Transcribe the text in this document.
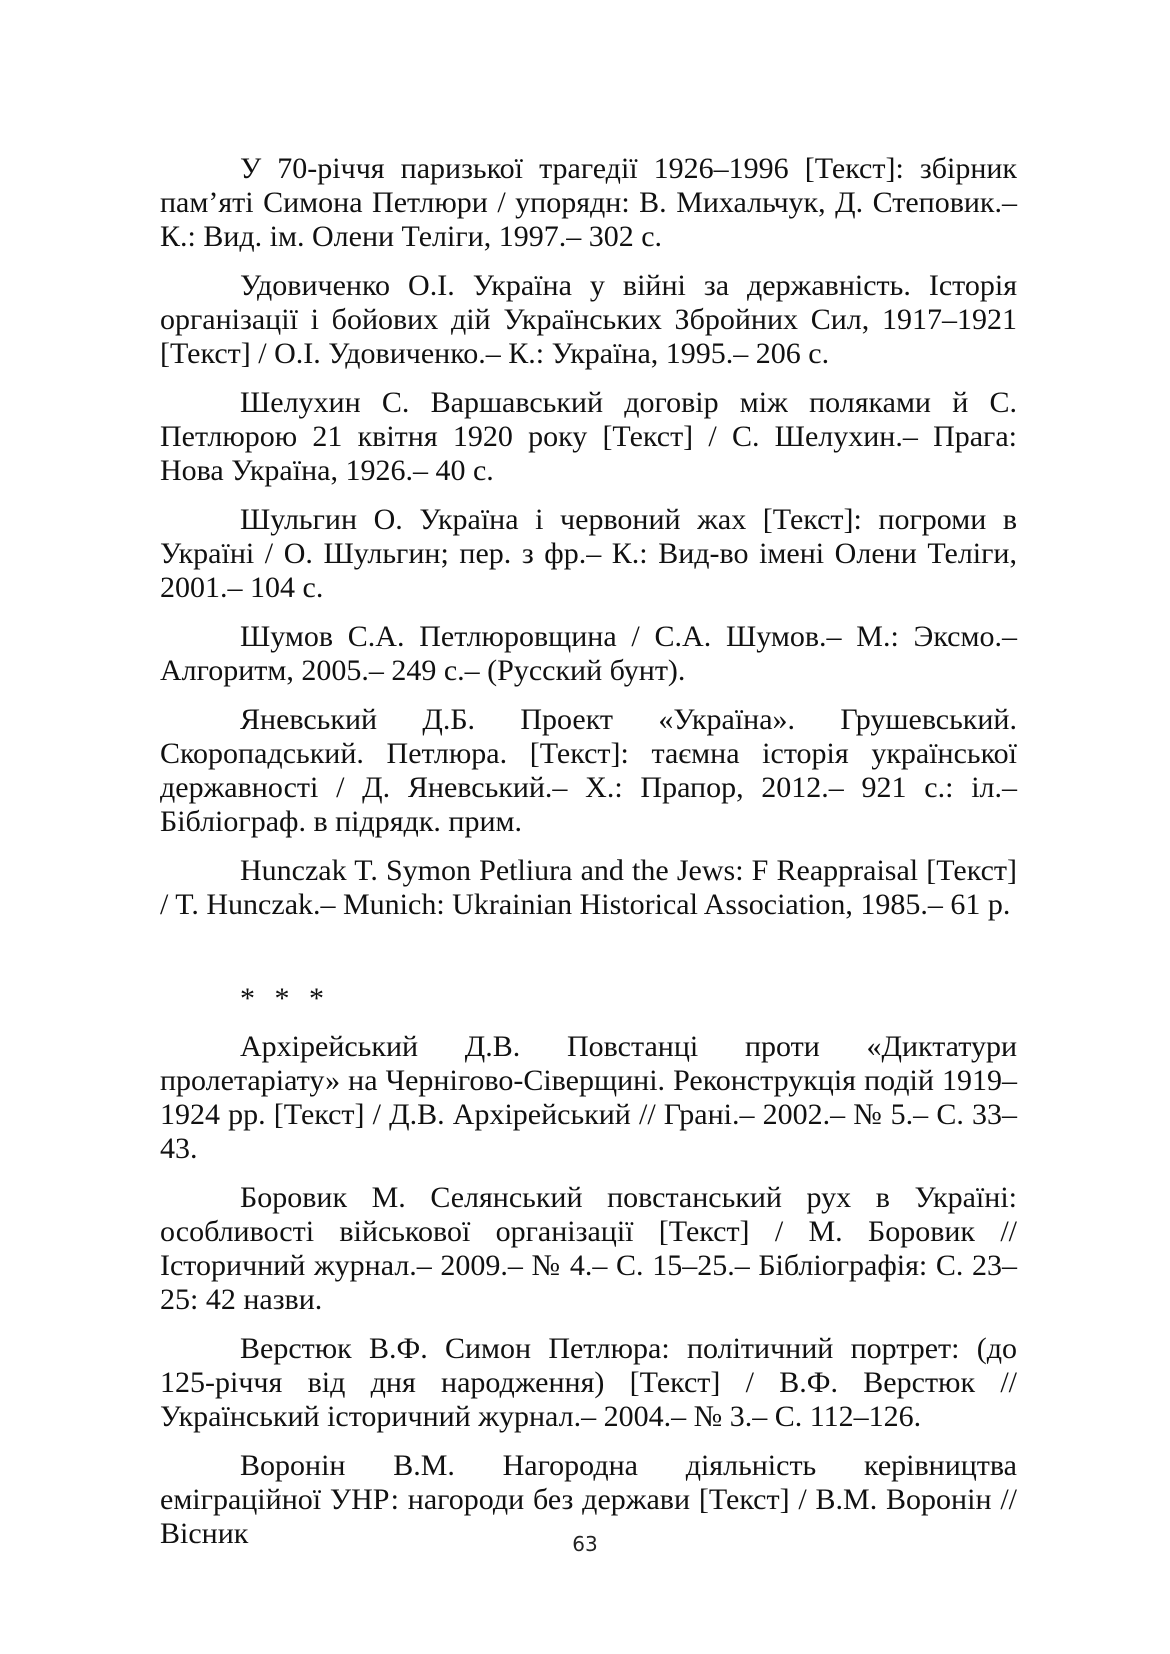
У 70-річчя паризької трагедії 1926–1996 [Текст]: збірник пам’яті Симона Петлюри / упорядн: В. Михальчук, Д. Степовик.– К.: Вид. ім. Олени Теліги, 1997.– 302 с.

Удовиченко О.І. Україна у війні за державність. Історія організації і бойових дій Українських Збройних Сил, 1917–1921 [Текст] / О.І. Удовиченко.– К.: Україна, 1995.– 206 с.

Шелухин С. Варшавський договір між поляками й С. Петлюрою 21 квітня 1920 року [Текст] / С. Шелухин.– Прага: Нова Україна, 1926.– 40 с.

Шульгин О. Україна і червоний жах [Текст]: погроми в Україні / О. Шульгин; пер. з фр.– К.: Вид-во імені Олени Теліги, 2001.– 104 с.

Шумов С.А. Петлюровщина / С.А. Шумов.– М.: Эксмо.– Алгоритм, 2005.– 249 с.– (Русский бунт).

Яневський Д.Б. Проект «Україна». Грушевський. Скоропадський. Петлюра. [Текст]: таємна історія української державності / Д. Яневський.– Х.: Прапор, 2012.– 921 с.: іл.– Бібліограф. в підрядк. прим.

Hunczak T. Symon Petliura and the Jews: F Reappraisal [Текст] / T. Hunczak.– Munich: Ukrainian Historical Association, 1985.– 61 p.

* * *

Архірейський Д.В. Повстанці проти «Диктатури пролетаріату» на Чернігово-Сіверщині. Реконструкція подій 1919–1924 рр. [Текст] / Д.В. Архірейський // Грані.– 2002.– № 5.– С. 33–43.

Боровик М. Селянський повстанський рух в Україні: особливості військової організації [Текст] / М. Боровик // Історичний журнал.– 2009.– № 4.– С. 15–25.– Бібліографія: С. 23–25: 42 назви.

Верстюк В.Ф. Симон Петлюра: політичний портрет: (до 125-річчя від дня народження) [Текст] / В.Ф. Верстюк // Український історичний журнал.– 2004.– № 3.– С. 112–126.

Воронін В.М. Нагородна діяльність керівництва еміграційної УНР: нагороди без держави [Текст] / В.М. Воронін // Вісник	63
